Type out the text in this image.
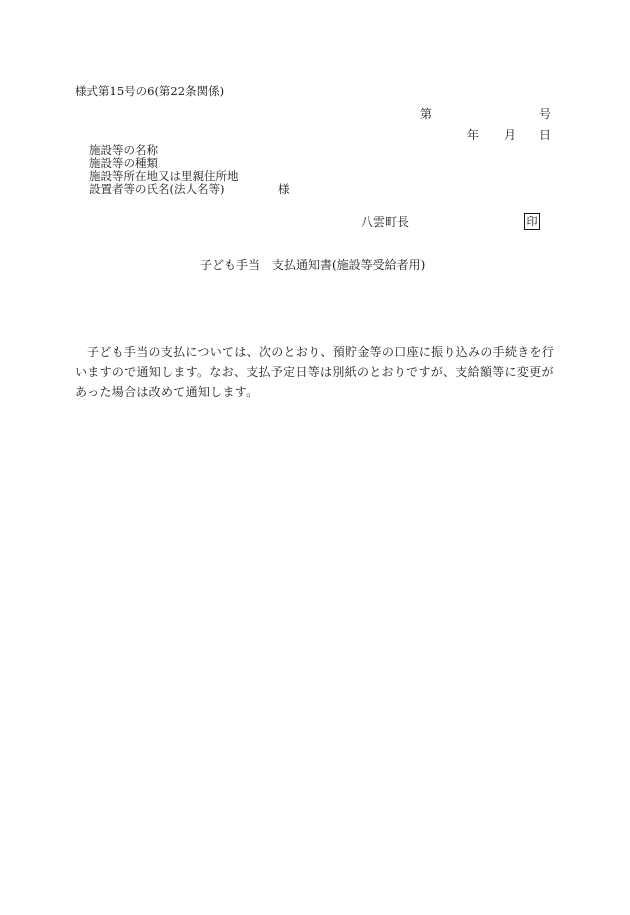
様式第15号の6(第22条関係)
第	号
年 月 日
施設等の名称
施設等の種類
施設等所在地又は里親住所地
設置者等の氏名(法人名等)	様
八雲町長	印
子ども手当　支払通知書(施設等受給者用)
子ども手当の支払については、次のとおり、預貯金等の口座に振り込みの手続きを行いますので通知します。なお、支払予定日等は別紙のとおりですが、支給額等に変更があった場合は改めて通知します。
